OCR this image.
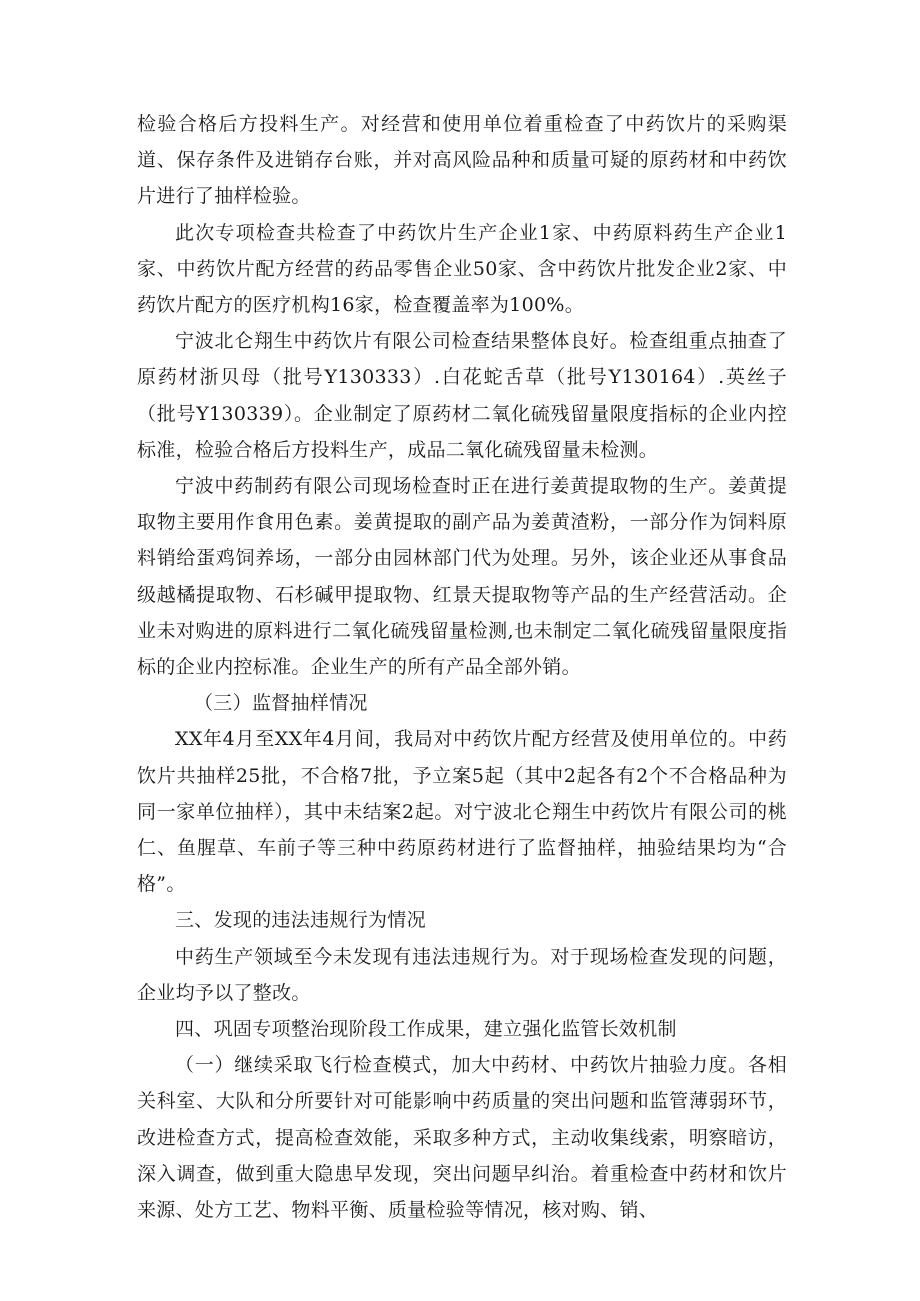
检验合格后方投料生产。对经营和使用单位着重检查了中药饮片的采购渠道、保存条件及进销存台账，并对高风险品种和质量可疑的原药材和中药饮片进行了抽样检验。

此次专项检查共检查了中药饮片生产企业1家、中药原料药生产企业1家、中药饮片配方经营的药品零售企业50家、含中药饮片批发企业2家、中药饮片配方的医疗机构16家，检查覆盖率为100%。

宁波北仑翔生中药饮片有限公司检查结果整体良好。检查组重点抽查了原药材浙贝母（批号Y130333）.白花蛇舌草（批号Y130164）.英丝子（批号Y130339）。企业制定了原药材二氧化硫残留量限度指标的企业内控标准，检验合格后方投料生产，成品二氧化硫残留量未检测。

宁波中药制药有限公司现场检查时正在进行姜黄提取物的生产。姜黄提取物主要用作食用色素。姜黄提取的副产品为姜黄渣粉，一部分作为饲料原料销给蛋鸡饲养场，一部分由园林部门代为处理。另外，该企业还从事食品级越橘提取物、石杉碱甲提取物、红景天提取物等产品的生产经营活动。企业未对购进的原料进行二氧化硫残留量检测,也未制定二氧化硫残留量限度指标的企业内控标准。企业生产的所有产品全部外销。

（三）监督抽样情况

XX年4月至XX年4月间，我局对中药饮片配方经营及使用单位的。中药饮片共抽样25批，不合格7批，予立案5起（其中2起各有2个不合格品种为同一家单位抽样），其中未结案2起。对宁波北仑翔生中药饮片有限公司的桃仁、鱼腥草、车前子等三种中药原药材进行了监督抽样，抽验结果均为“合格”。

三、发现的违法违规行为情况

中药生产领域至今未发现有违法违规行为。对于现场检查发现的问题，企业均予以了整改。

四、巩固专项整治现阶段工作成果，建立强化监管长效机制

（一）继续采取飞行检查模式，加大中药材、中药饮片抽验力度。各相关科室、大队和分所要针对可能影响中药质量的突出问题和监管薄弱环节，改进检查方式，提高检查效能，采取多种方式，主动收集线索，明察暗访，深入调查，做到重大隐患早发现，突出问题早纠治。着重检查中药材和饮片来源、处方工艺、物料平衡、质量检验等情况，核对购、销、
